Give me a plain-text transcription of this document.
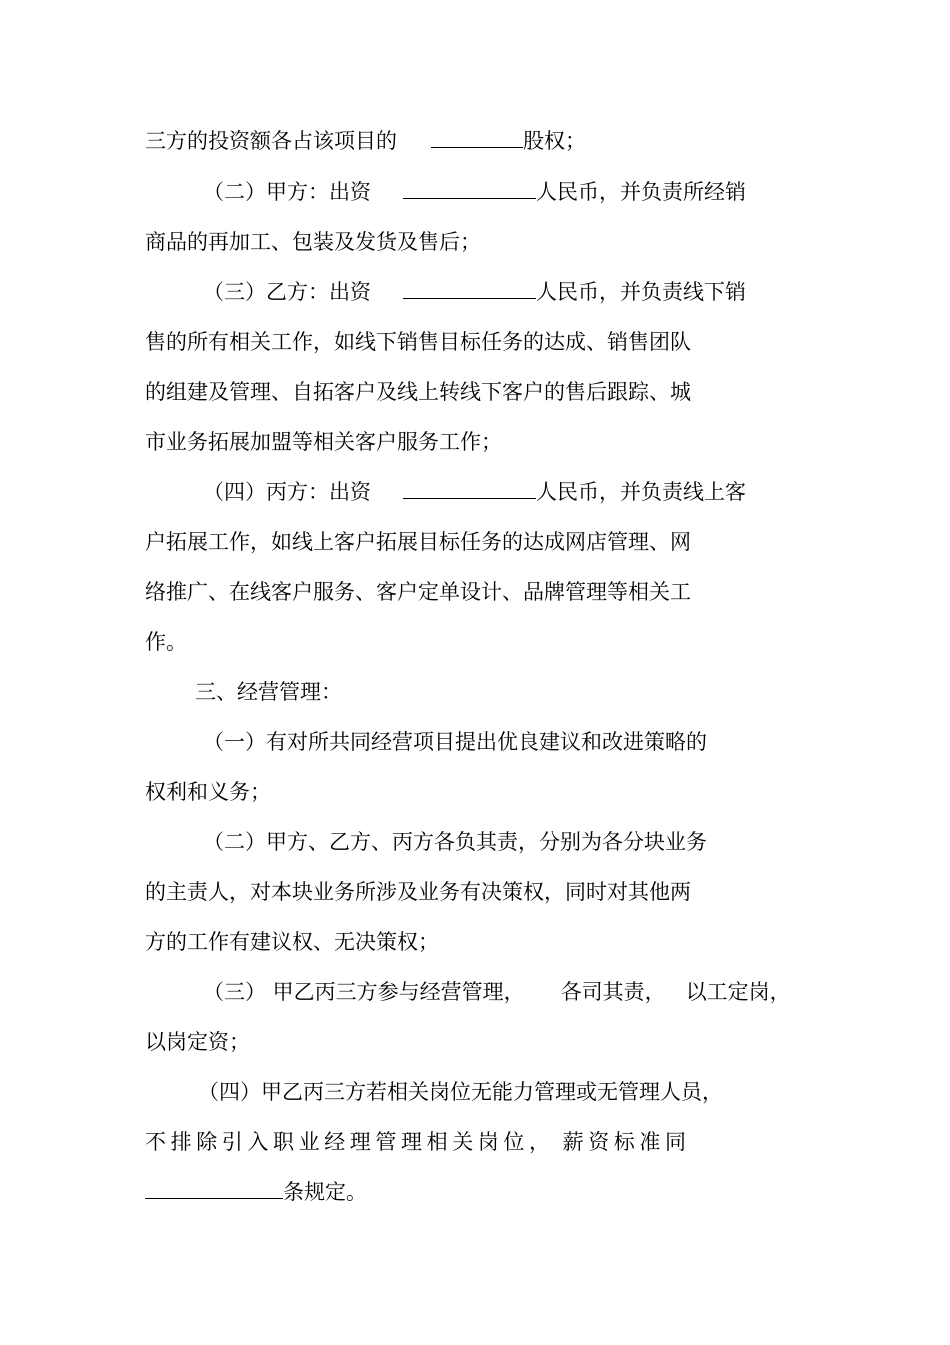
三方的投资额各占该项目的	股权；
（二）甲方：出资	人民币，并负责所经销
商品的再加工、包装及发货及售后；
（三）乙方：出资	人民币，并负责线下销
售的所有相关工作，如线下销售目标任务的达成、销售团队
的组建及管理、自拓客户及线上转线下客户的售后跟踪、城
市业务拓展加盟等相关客户服务工作；
（四）丙方：出资	人民币，并负责线上客
户拓展工作，如线上客户拓展目标任务的达成网店管理、网
络推广、在线客户服务、客户定单设计、品牌管理等相关工
作。
三、经营管理：
（一）有对所共同经营项目提出优良建议和改进策略的
权利和义务；
（二）甲方、乙方、丙方各负其责，分别为各分块业务
的主责人，对本块业务所涉及业务有决策权，同时对其他两
方的工作有建议权、无决策权；
（三） 甲乙丙三方参与经营管理， 各司其责， 以工定岗，
以岗定资；
（四）甲乙丙三方若相关岗位无能力管理或无管理人员，
不排除引入职业经理管理相关岗位， 薪资标准同
条规定。
